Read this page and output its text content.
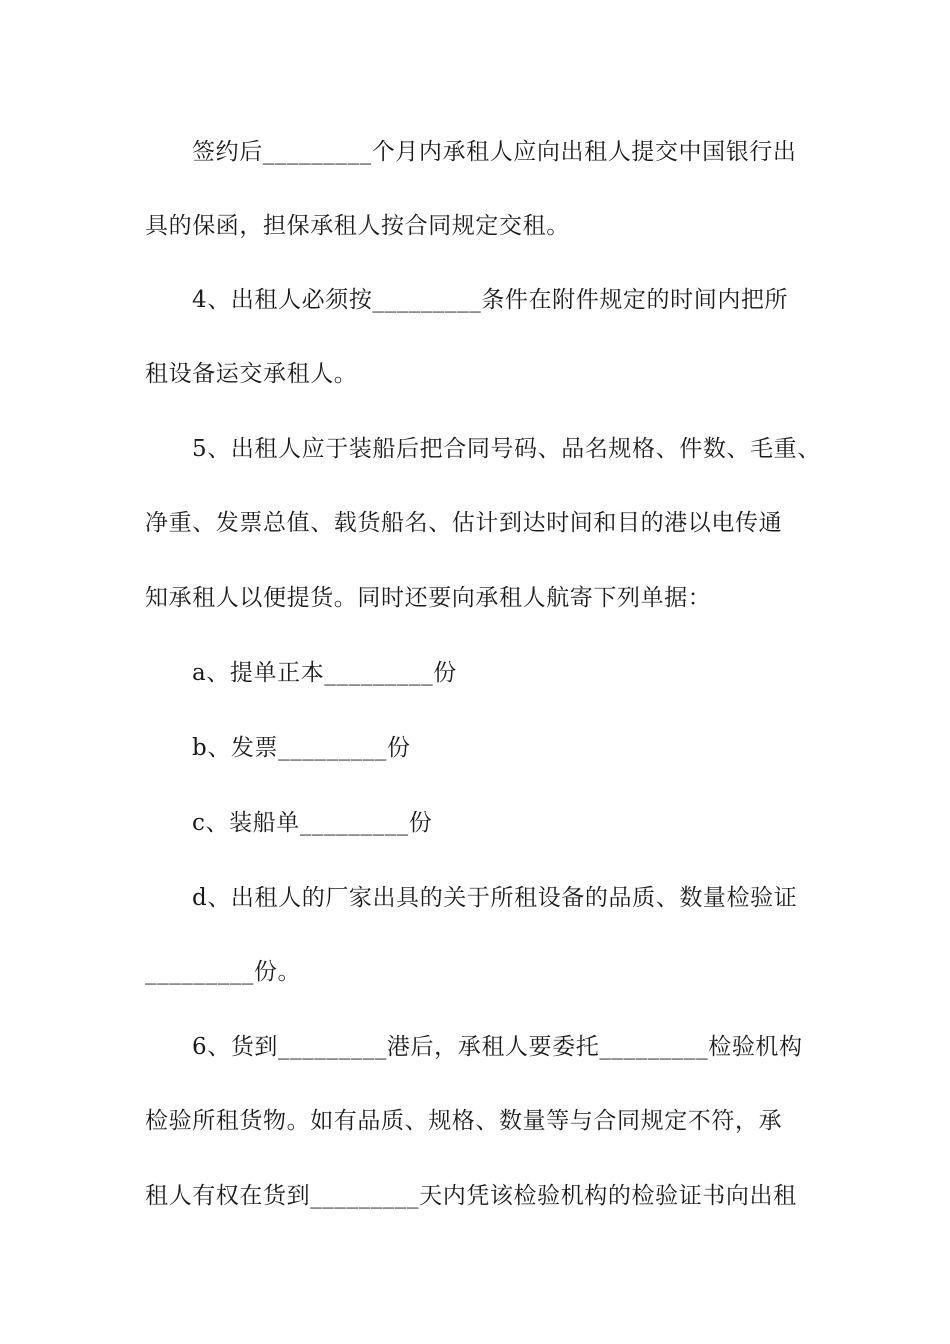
签约后_________个月内承租人应向出租人提交中国银行出
具的保函，担保承租人按合同规定交租。
4、出租人必须按_________条件在附件规定的时间内把所
租设备运交承租人。
5、出租人应于装船后把合同号码、品名规格、件数、毛重、
净重、发票总值、载货船名、估计到达时间和目的港以电传通
知承租人以便提货。同时还要向承租人航寄下列单据：
a、提单正本_________份
b、发票_________份
c、装船单_________份
d、出租人的厂家出具的关于所租设备的品质、数量检验证
_________份。
6、货到_________港后，承租人要委托_________检验机构
检验所租货物。如有品质、规格、数量等与合同规定不符，承
租人有权在货到_________天内凭该检验机构的检验证书向出租
